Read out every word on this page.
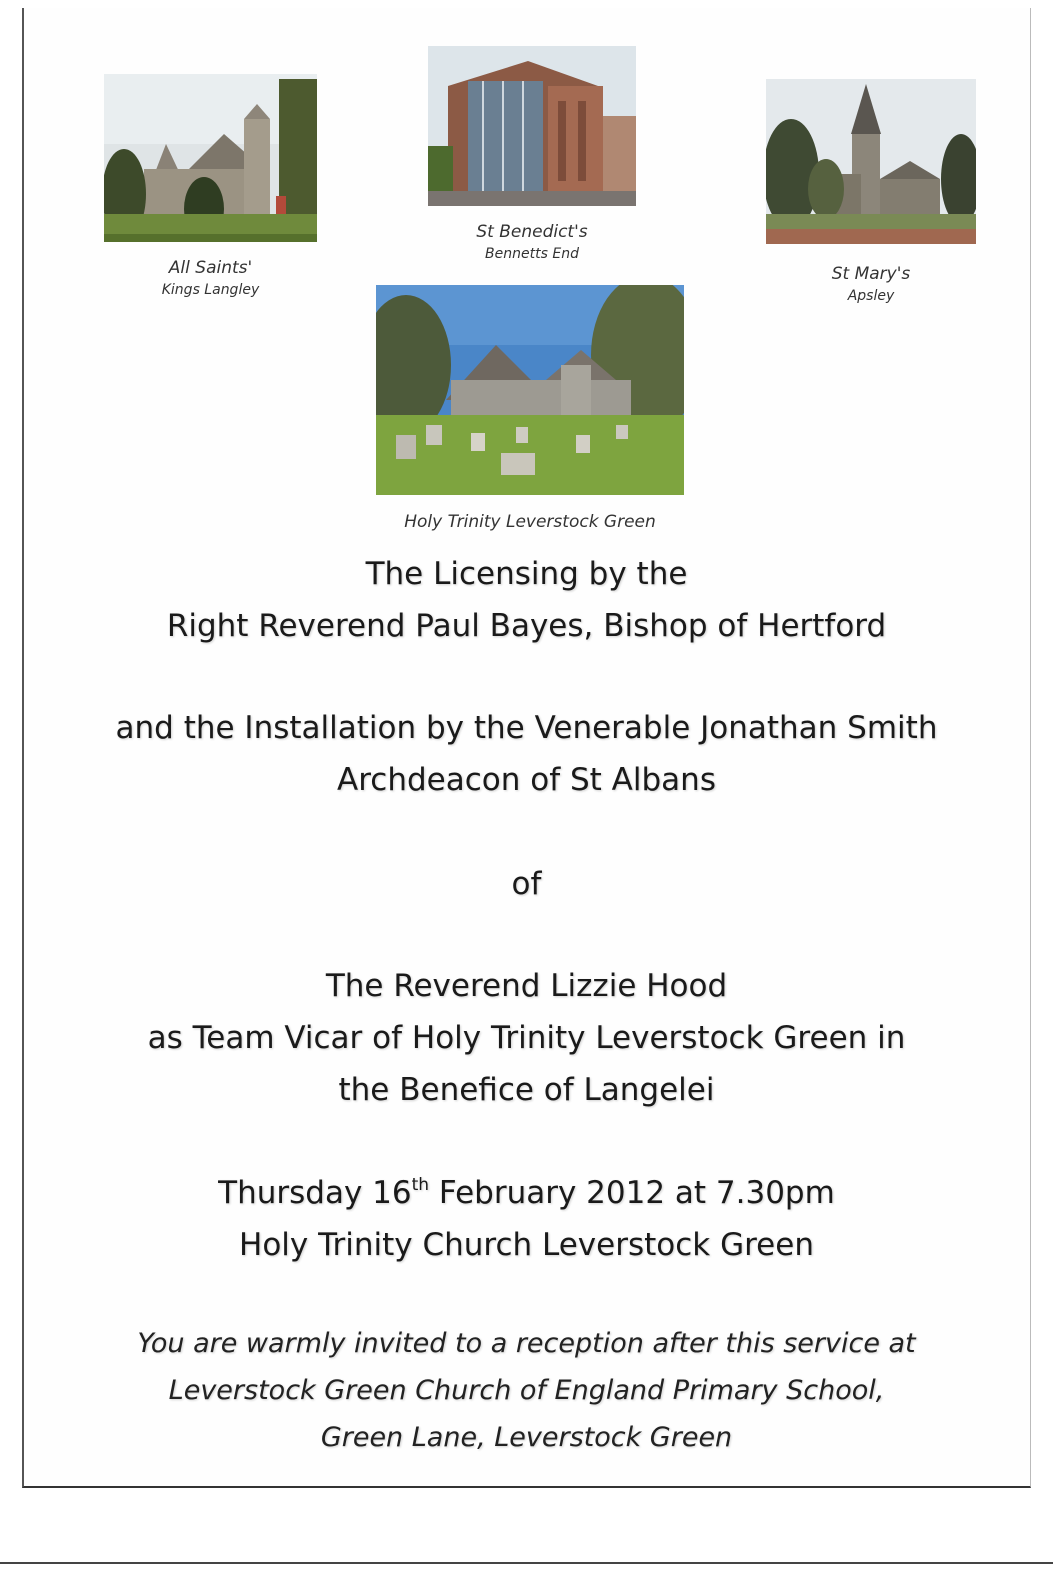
All Saints'
Kings Langley
St Benedict's
Bennetts End
St Mary's
Apsley
Holy Trinity Leverstock Green
The Licensing by the
Right Reverend Paul Bayes, Bishop of Hertford
and the Installation by the Venerable Jonathan Smith
Archdeacon of St Albans
of
The Reverend Lizzie Hood
as Team Vicar of Holy Trinity Leverstock Green in
the Benefice of Langelei
Thursday 16th February 2012 at 7.30pm
Holy Trinity Church Leverstock Green
You are warmly invited to a reception after this service at
Leverstock Green Church of England Primary School,
Green Lane, Leverstock Green
